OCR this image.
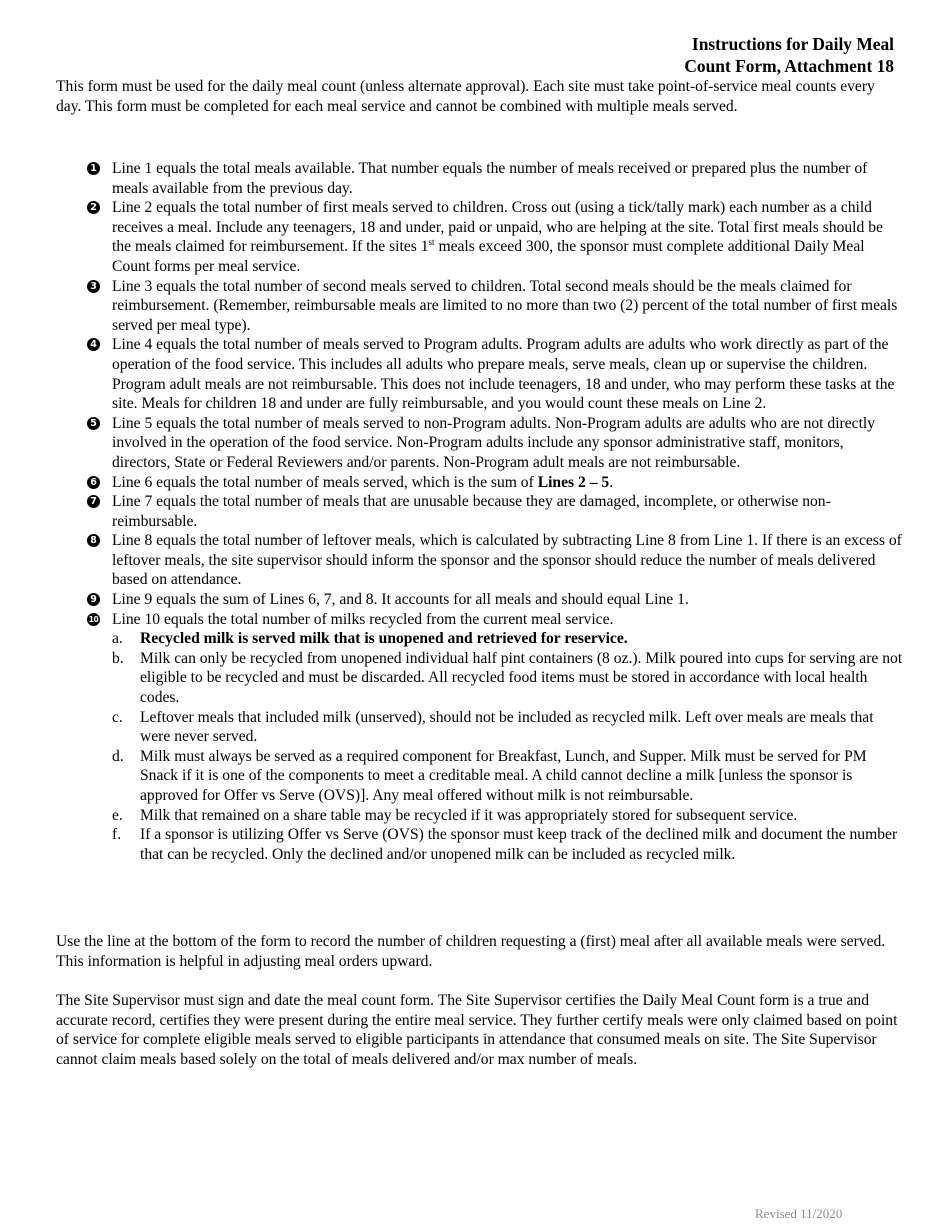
Instructions for Daily Meal
Count Form, Attachment 18

This form must be used for the daily meal count (unless alternate approval). Each site must take point-of-service meal counts every day. This form must be completed for each meal service and cannot be combined with multiple meals served.

1 Line 1 equals the total meals available. That number equals the number of meals received or prepared plus the number of meals available from the previous day.
2 Line 2 equals the total number of first meals served to children. Cross out (using a tick/tally mark) each number as a child receives a meal. Include any teenagers, 18 and under, paid or unpaid, who are helping at the site. Total first meals should be the meals claimed for reimbursement. If the sites 1st meals exceed 300, the sponsor must complete additional Daily Meal Count forms per meal service.
3 Line 3 equals the total number of second meals served to children. Total second meals should be the meals claimed for reimbursement. (Remember, reimbursable meals are limited to no more than two (2) percent of the total number of first meals served per meal type).
4 Line 4 equals the total number of meals served to Program adults. Program adults are adults who work directly as part of the operation of the food service. This includes all adults who prepare meals, serve meals, clean up or supervise the children. Program adult meals are not reimbursable. This does not include teenagers, 18 and under, who may perform these tasks at the site. Meals for children 18 and under are fully reimbursable, and you would count these meals on Line 2.
5 Line 5 equals the total number of meals served to non-Program adults. Non-Program adults are adults who are not directly involved in the operation of the food service. Non-Program adults include any sponsor administrative staff, monitors, directors, State or Federal Reviewers and/or parents. Non-Program adult meals are not reimbursable.
6 Line 6 equals the total number of meals served, which is the sum of Lines 2 – 5.
7 Line 7 equals the total number of meals that are unusable because they are damaged, incomplete, or otherwise non-reimbursable.
8 Line 8 equals the total number of leftover meals, which is calculated by subtracting Line 8 from Line 1. If there is an excess of leftover meals, the site supervisor should inform the sponsor and the sponsor should reduce the number of meals delivered based on attendance.
9 Line 9 equals the sum of Lines 6, 7, and 8. It accounts for all meals and should equal Line 1.
10 Line 10 equals the total number of milks recycled from the current meal service.
a. Recycled milk is served milk that is unopened and retrieved for reservice.
b. Milk can only be recycled from unopened individual half pint containers (8 oz.). Milk poured into cups for serving are not eligible to be recycled and must be discarded. All recycled food items must be stored in accordance with local health codes.
c. Leftover meals that included milk (unserved), should not be included as recycled milk. Left over meals are meals that were never served.
d. Milk must always be served as a required component for Breakfast, Lunch, and Supper. Milk must be served for PM Snack if it is one of the components to meet a creditable meal. A child cannot decline a milk [unless the sponsor is approved for Offer vs Serve (OVS)]. Any meal offered without milk is not reimbursable.
e. Milk that remained on a share table may be recycled if it was appropriately stored for subsequent service.
f. If a sponsor is utilizing Offer vs Serve (OVS) the sponsor must keep track of the declined milk and document the number that can be recycled. Only the declined and/or unopened milk can be included as recycled milk.

Use the line at the bottom of the form to record the number of children requesting a (first) meal after all available meals were served. This information is helpful in adjusting meal orders upward.

The Site Supervisor must sign and date the meal count form. The Site Supervisor certifies the Daily Meal Count form is a true and accurate record, certifies they were present during the entire meal service. They further certify meals were only claimed based on point of service for complete eligible meals served to eligible participants in attendance that consumed meals on site. The Site Supervisor cannot claim meals based solely on the total of meals delivered and/or max number of meals.

Revised 11/2020
